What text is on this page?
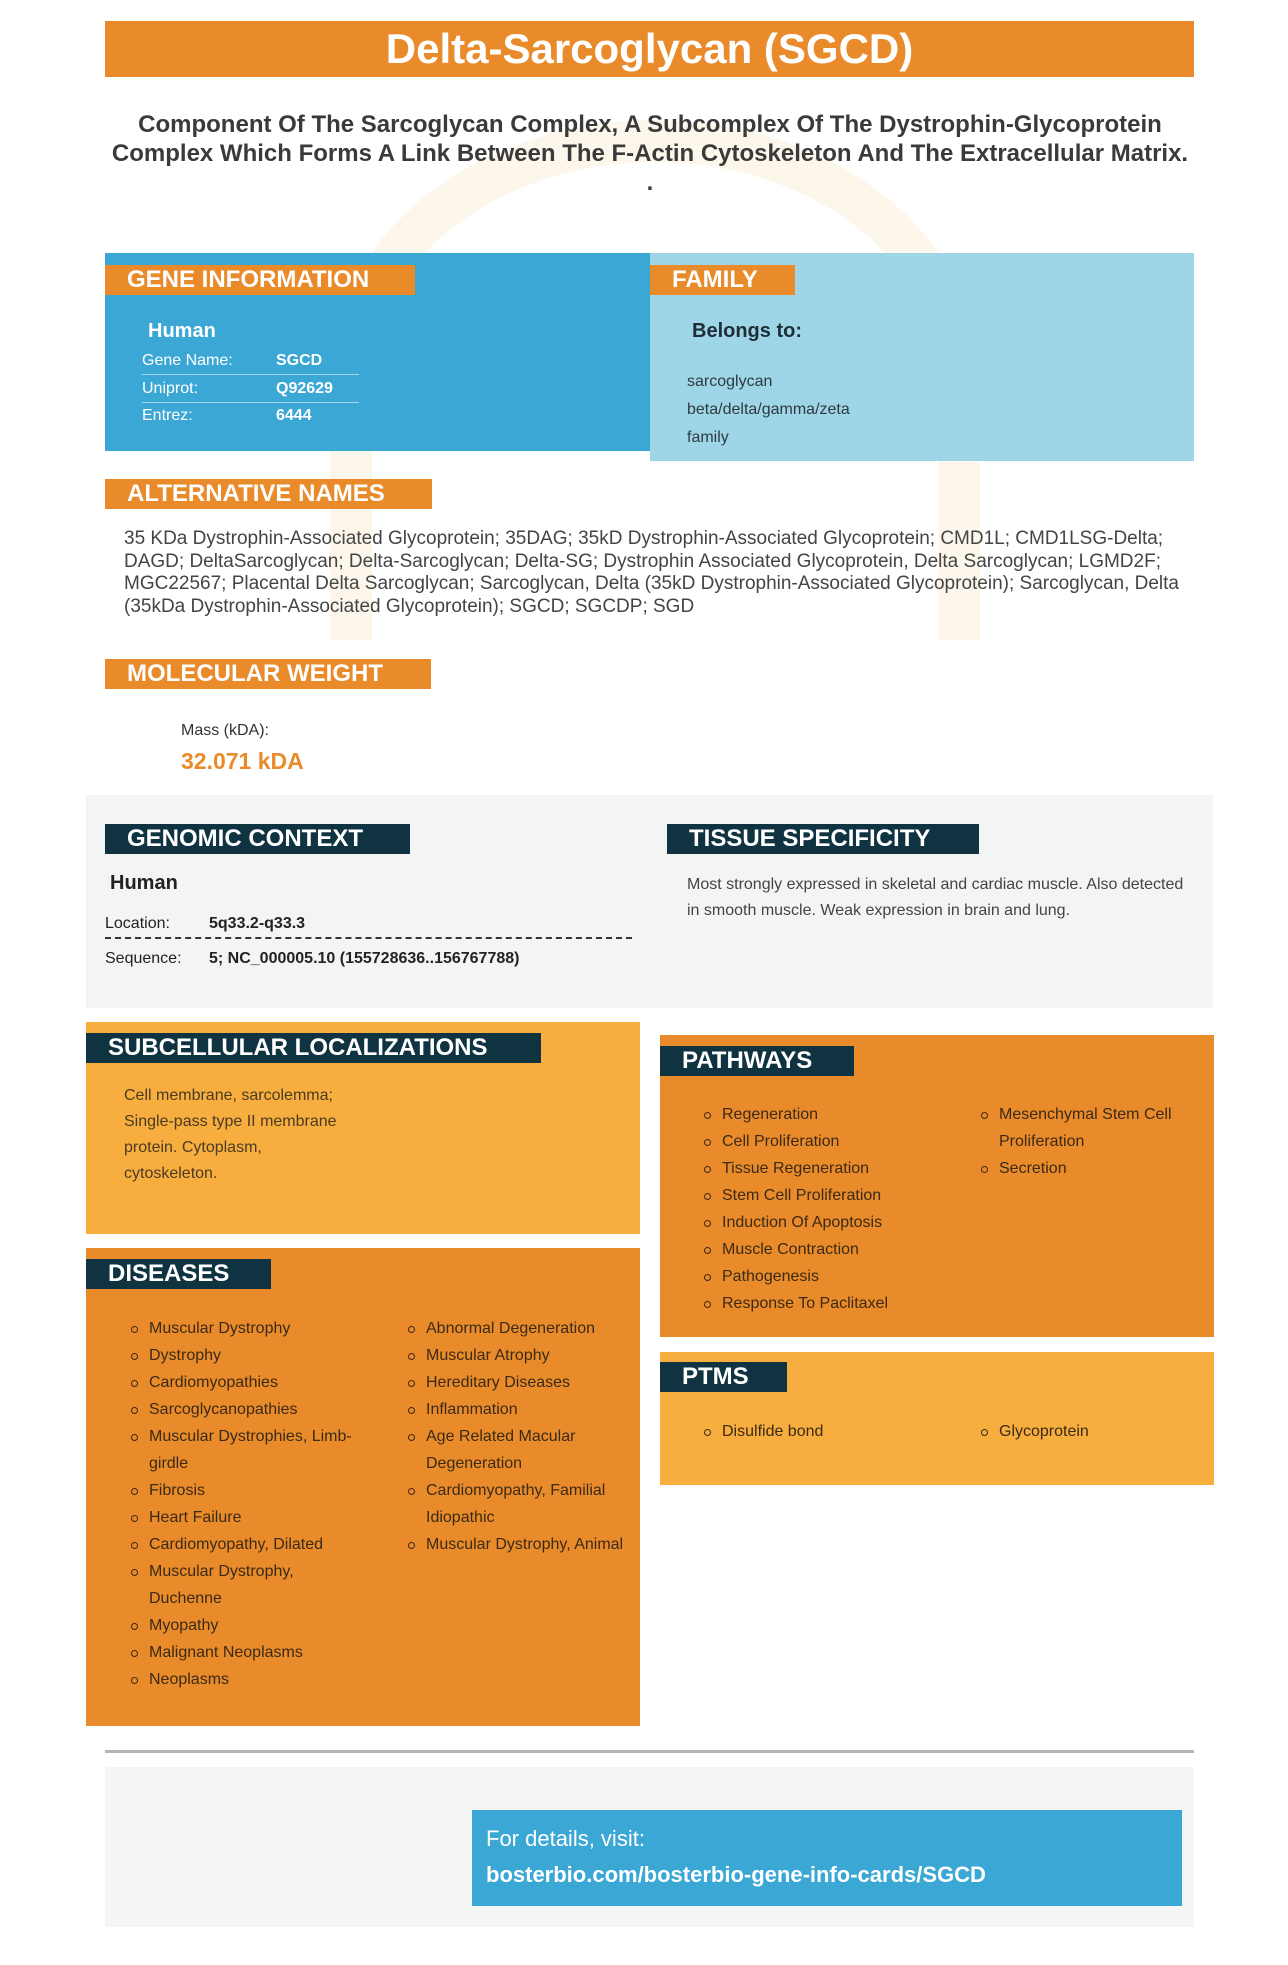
Delta-Sarcoglycan (SGCD)
Component Of The Sarcoglycan Complex, A Subcomplex Of The Dystrophin-Glycoprotein Complex Which Forms A Link Between The F-Actin Cytoskeleton And The Extracellular Matrix. .
GENE INFORMATION
Human
Gene Name:	SGCD
Uniprot:	Q92629
Entrez:	6444
FAMILY
Belongs to:
sarcoglycan beta/delta/gamma/zeta family
ALTERNATIVE NAMES
35 KDa Dystrophin-Associated Glycoprotein; 35DAG; 35kD Dystrophin-Associated Glycoprotein; CMD1L; CMD1LSG-Delta; DAGD; DeltaSarcoglycan; Delta-Sarcoglycan; Delta-SG; Dystrophin Associated Glycoprotein, Delta Sarcoglycan; LGMD2F; MGC22567; Placental Delta Sarcoglycan; Sarcoglycan, Delta (35kD Dystrophin-Associated Glycoprotein); Sarcoglycan, Delta (35kDa Dystrophin-Associated Glycoprotein); SGCD; SGCDP; SGD
MOLECULAR WEIGHT
Mass (kDA):
32.071 kDA
GENOMIC CONTEXT
Human
Location: 5q33.2-q33.3
Sequence: 5; NC_000005.10 (155728636..156767788)
TISSUE SPECIFICITY
Most strongly expressed in skeletal and cardiac muscle. Also detected in smooth muscle. Weak expression in brain and lung.
SUBCELLULAR LOCALIZATIONS
Cell membrane, sarcolemma; Single-pass type II membrane protein. Cytoplasm, cytoskeleton.
DISEASES
Muscular Dystrophy
Dystrophy
Cardiomyopathies
Sarcoglycanopathies
Muscular Dystrophies, Limb-girdle
Fibrosis
Heart Failure
Cardiomyopathy, Dilated
Muscular Dystrophy, Duchenne
Myopathy
Malignant Neoplasms
Neoplasms
Abnormal Degeneration
Muscular Atrophy
Hereditary Diseases
Inflammation
Age Related Macular Degeneration
Cardiomyopathy, Familial Idiopathic
Muscular Dystrophy, Animal
PATHWAYS
Regeneration
Cell Proliferation
Tissue Regeneration
Stem Cell Proliferation
Induction Of Apoptosis
Muscle Contraction
Pathogenesis
Response To Paclitaxel
Mesenchymal Stem Cell Proliferation
Secretion
PTMS
Disulfide bond	Glycoprotein
For details, visit:
bosterbio.com/bosterbio-gene-info-cards/SGCD
